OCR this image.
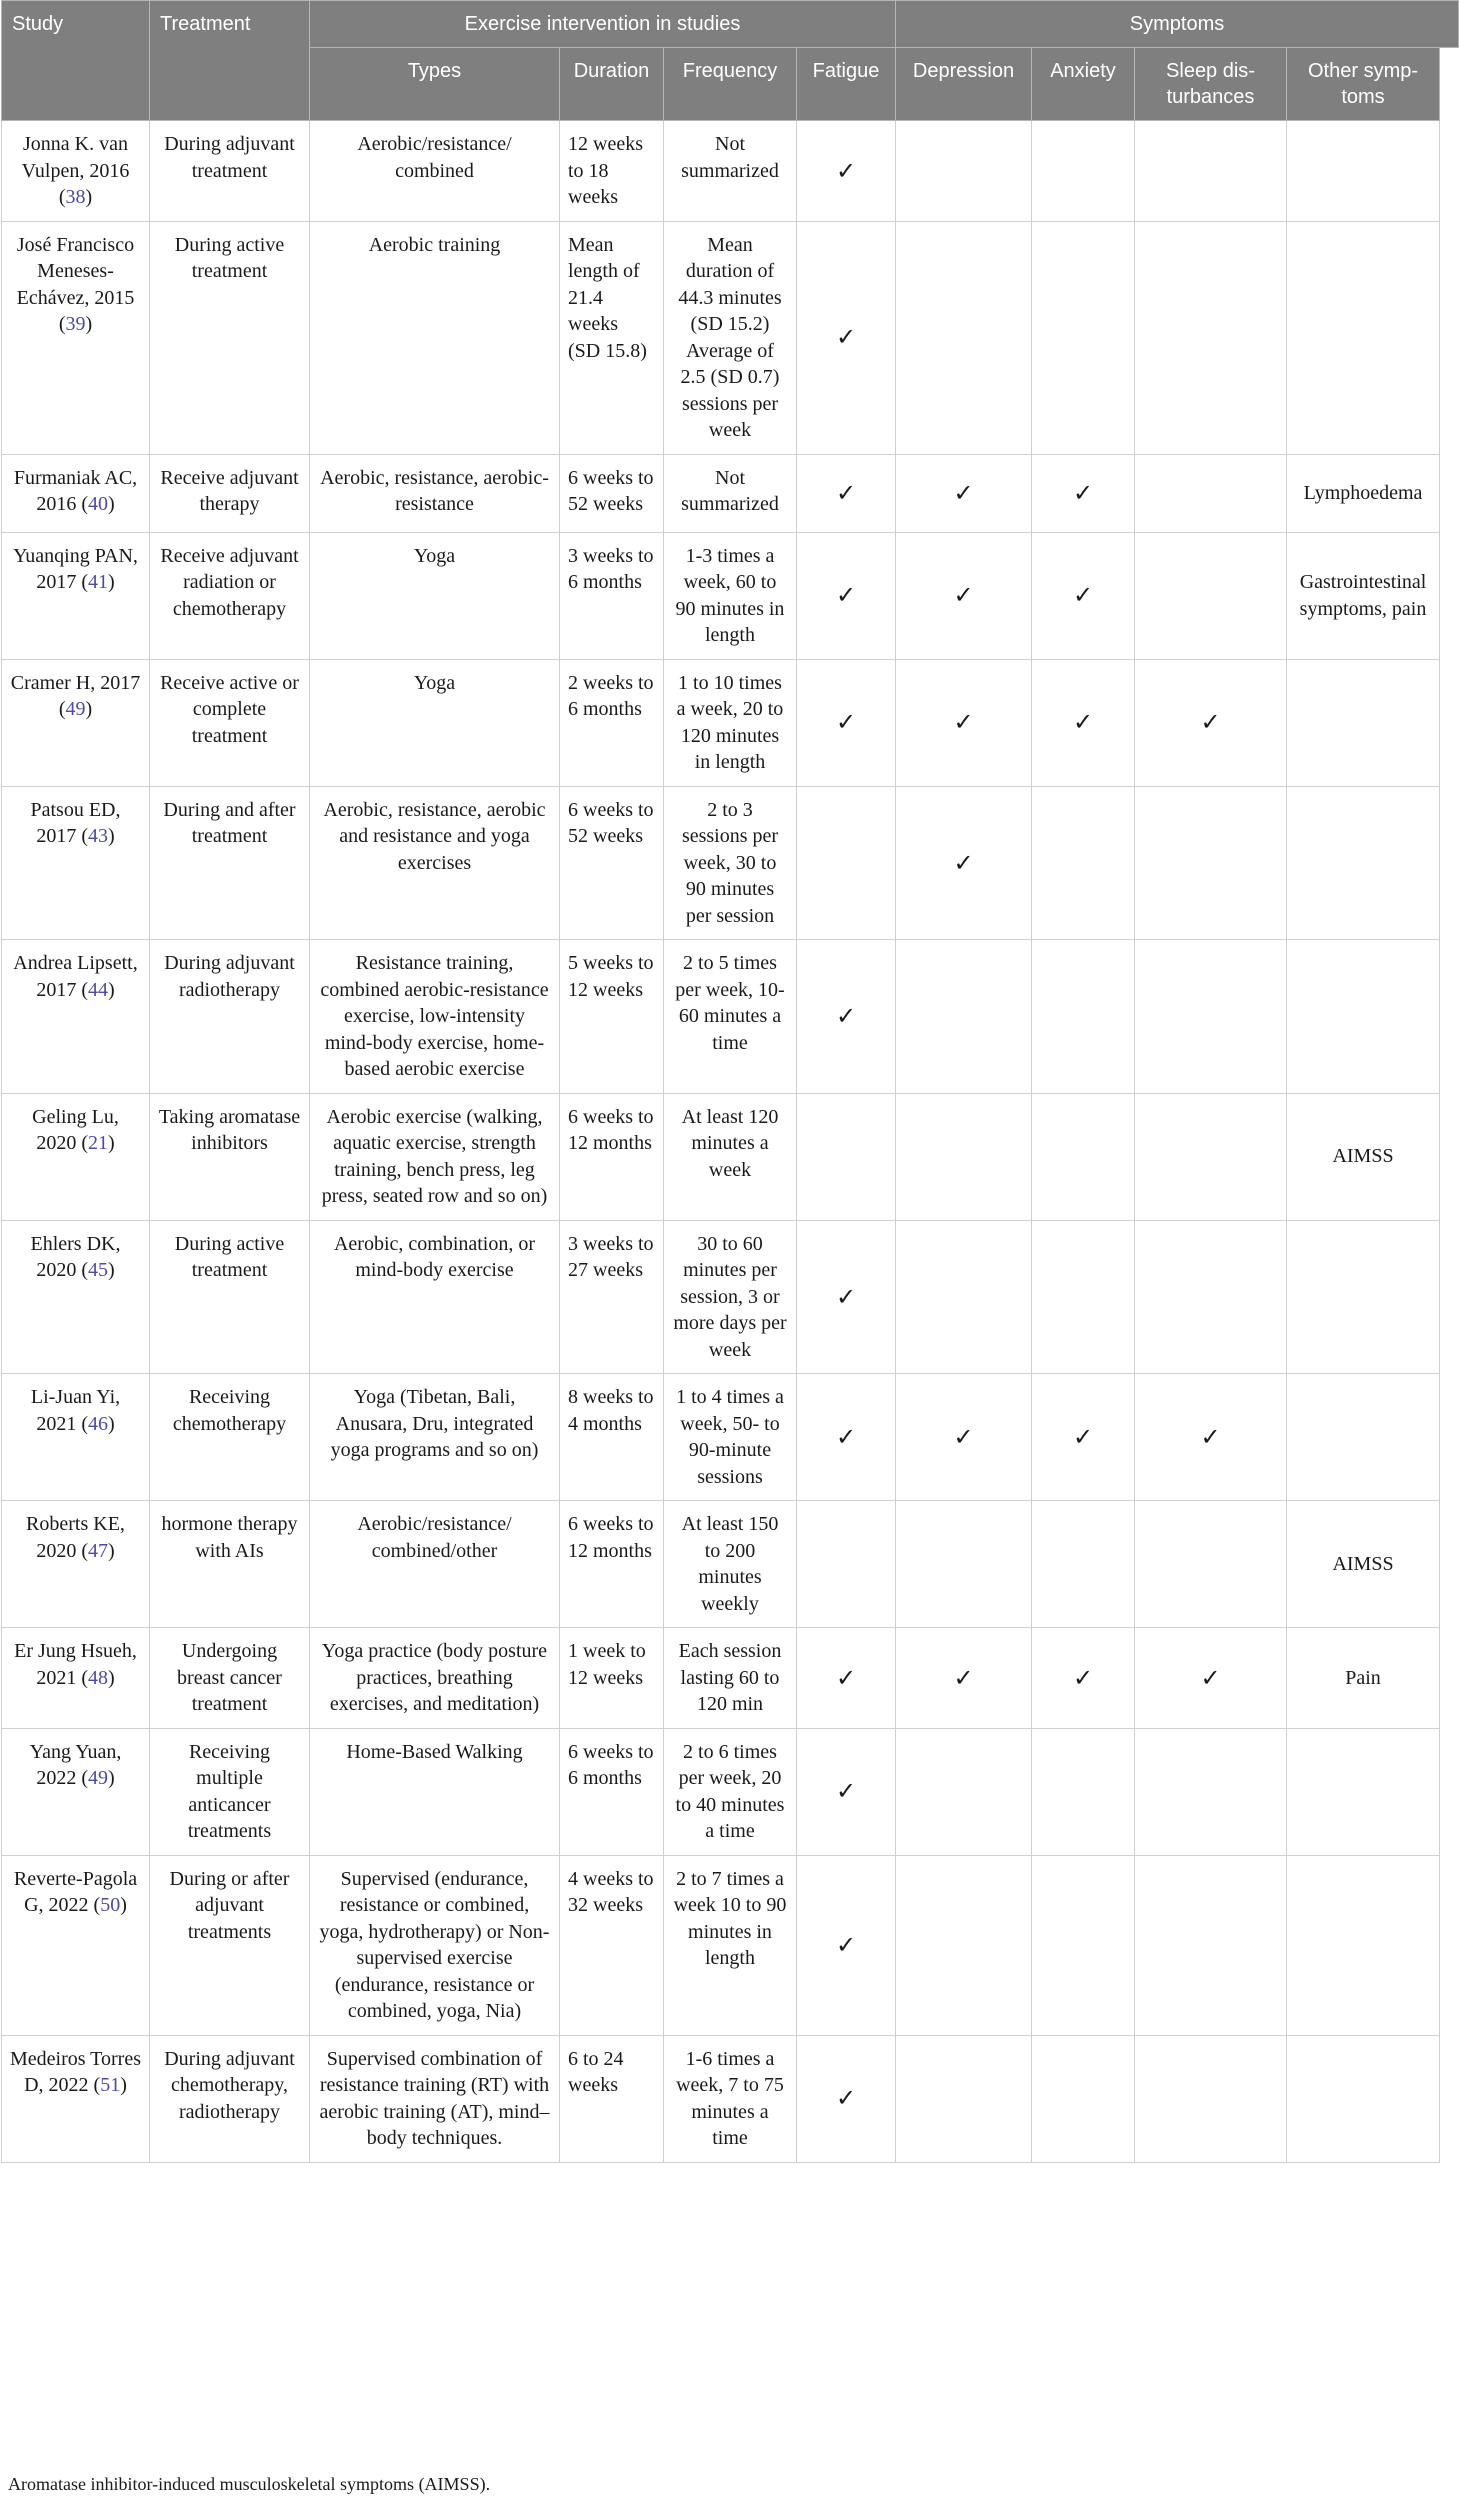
Study	Treatment	Exercise intervention in studies				Symptoms			
		Types	Duration	Frequency	Fatigue	Depression	Anxiety	Sleep disturbances	Other symptoms
Jonna K. van Vulpen, 2016 (38)	During adjuvant treatment	Aerobic/resistance/ combined	12 weeks to 18 weeks	Not summarized	✓				
José Francisco Meneses-Echávez, 2015 (39)	During active treatment	Aerobic training	Mean length of 21.4 weeks (SD 15.8)	Mean duration of 44.3 minutes (SD 15.2) Average of 2.5 (SD 0.7) sessions per week	✓				
Furmaniak AC, 2016 (40)	Receive adjuvant therapy	Aerobic, resistance, aerobic-resistance	6 weeks to 52 weeks	Not summarized	✓	✓	✓		Lymphoedema
Yuanqing PAN, 2017 (41)	Receive adjuvant radiation or chemotherapy	Yoga	3 weeks to 6 months	1-3 times a week, 60 to 90 minutes in length	✓	✓	✓		Gastrointestinal symptoms, pain
Cramer H, 2017 (49)	Receive active or complete treatment	Yoga	2 weeks to 6 months	1 to 10 times a week, 20 to 120 minutes in length	✓	✓	✓	✓	
Patsou ED, 2017 (43)	During and after treatment	Aerobic, resistance, aerobic and resistance and yoga exercises	6 weeks to 52 weeks	2 to 3 sessions per week, 30 to 90 minutes per session		✓			
Andrea Lipsett, 2017 (44)	During adjuvant radiotherapy	Resistance training, combined aerobic-resistance exercise, low-intensity mind-body exercise, home-based aerobic exercise	5 weeks to 12 weeks	2 to 5 times per week, 10-60 minutes a time	✓				
Geling Lu, 2020 (21)	Taking aromatase inhibitors	Aerobic exercise (walking, aquatic exercise, strength training, bench press, leg press, seated row and so on)	6 weeks to 12 months	At least 120 minutes a week					AIMSS
Ehlers DK, 2020 (45)	During active treatment	Aerobic, combination, or mind-body exercise	3 weeks to 27 weeks	30 to 60 minutes per session, 3 or more days per week	✓				
Li-Juan Yi, 2021 (46)	Receiving chemotherapy	Yoga (Tibetan, Bali, Anusara, Dru, integrated yoga programs and so on)	8 weeks to 4 months	1 to 4 times a week, 50- to 90-minute sessions	✓	✓	✓	✓	
Roberts KE, 2020 (47)	hormone therapy with AIs	Aerobic/resistance/ combined/other	6 weeks to 12 months	At least 150 to 200 minutes weekly					AIMSS
Er Jung Hsueh, 2021 (48)	Undergoing breast cancer treatment	Yoga practice (body posture practices, breathing exercises, and meditation)	1 week to 12 weeks	Each session lasting 60 to 120 min	✓	✓	✓	✓	Pain
Yang Yuan, 2022 (49)	Receiving multiple anticancer treatments	Home-Based Walking	6 weeks to 6 months	2 to 6 times per week, 20 to 40 minutes a time	✓				
Reverte-Pagola G, 2022 (50)	During or after adjuvant treatments	Supervised (endurance, resistance or combined, yoga, hydrotherapy) or Non-supervised exercise (endurance, resistance or combined, yoga, Nia)	4 weeks to 32 weeks	2 to 7 times a week 10 to 90 minutes in length	✓				
Medeiros Torres D, 2022 (51)	During adjuvant chemotherapy, radiotherapy	Supervised combination of resistance training (RT) with aerobic training (AT), mind–body techniques.	6 to 24 weeks	1-6 times a week, 7 to 75 minutes a time	✓				
Aromatase inhibitor-induced musculoskeletal symptoms (AIMSS).
